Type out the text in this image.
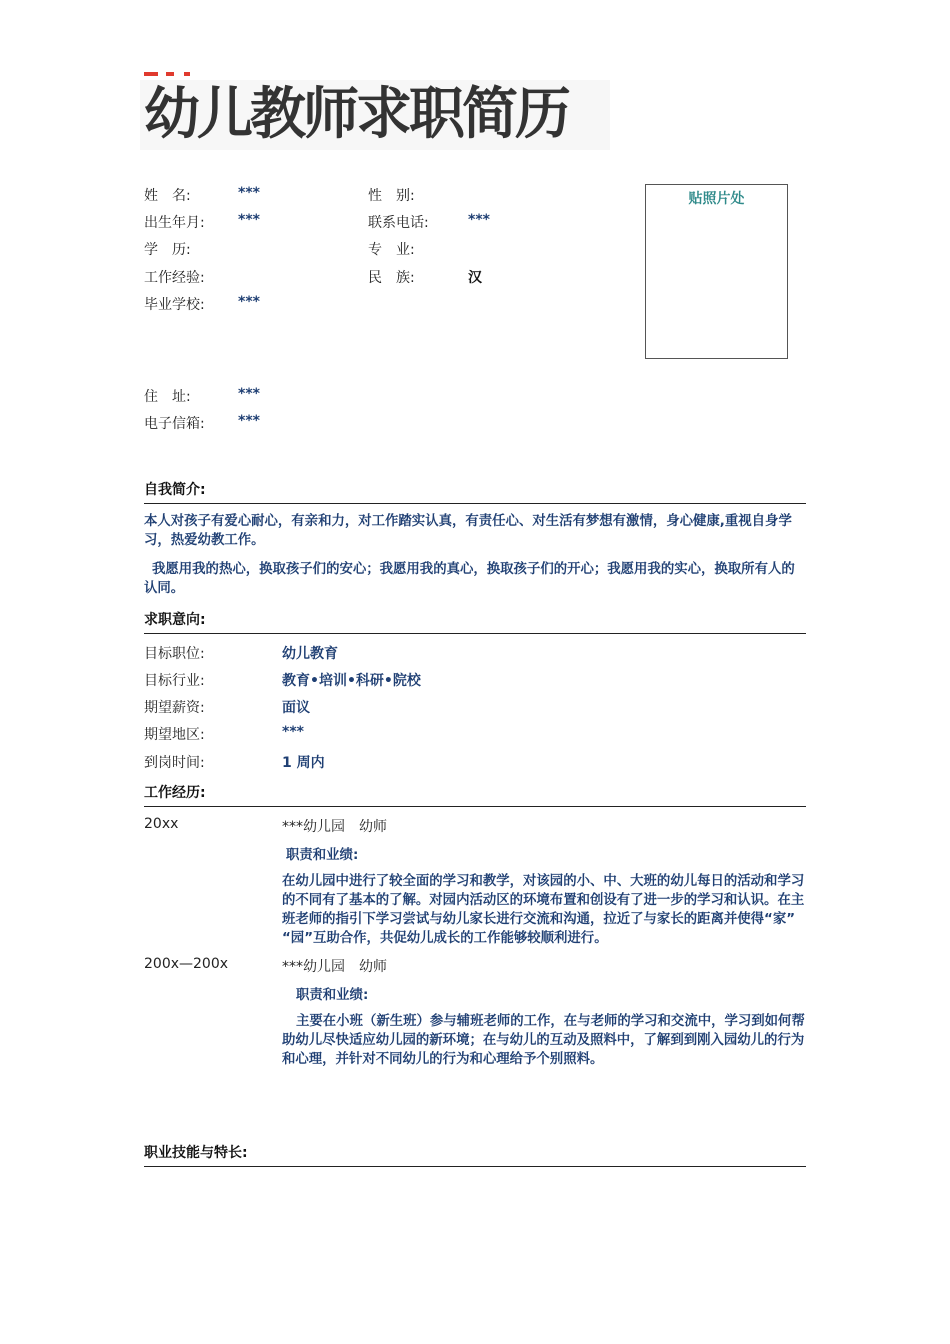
幼儿教师求职简历
姓　名:	***	性　别:
出生年月: ***	联系电话:	***
学　历:	专　业:
工作经验:	民　族:	汉
毕业学校: ***
住　址:	***
电子信箱: ***
贴照片处
自我简介:
本人对孩子有爱心耐心，有亲和力，对工作踏实认真，有责任心、对生活有梦想有激情，身心健康,重视自身学习，热爱幼教工作。
我愿用我的热心，换取孩子们的安心；我愿用我的真心，换取孩子们的开心；我愿用我的实心，换取所有人的认同。
求职意向:
目标职位:	幼儿教育
目标行业:	教育•培训•科研•院校
期望薪资:	面议
期望地区:	***
到岗时间:	1 周内
工作经历:
20xx	***幼儿园　幼师
职责和业绩:
在幼儿园中进行了较全面的学习和教学，对该园的小、中、大班的幼儿每日的活动和学习的不同有了基本的了解。对园内活动区的环境布置和创设有了进一步的学习和认识。在主班老师的指引下学习尝试与幼儿家长进行交流和沟通，拉近了与家长的距离并使得“家” “园”互助合作，共促幼儿成长的工作能够较顺利进行。
200x—200x	***幼儿园　幼师
职责和业绩:
主要在小班（新生班）参与辅班老师的工作，在与老师的学习和交流中，学习到如何帮助幼儿尽快适应幼儿园的新环境；在与幼儿的互动及照料中，了解到到刚入园幼儿的行为和心理，并针对不同幼儿的行为和心理给予个别照料。
职业技能与特长:
